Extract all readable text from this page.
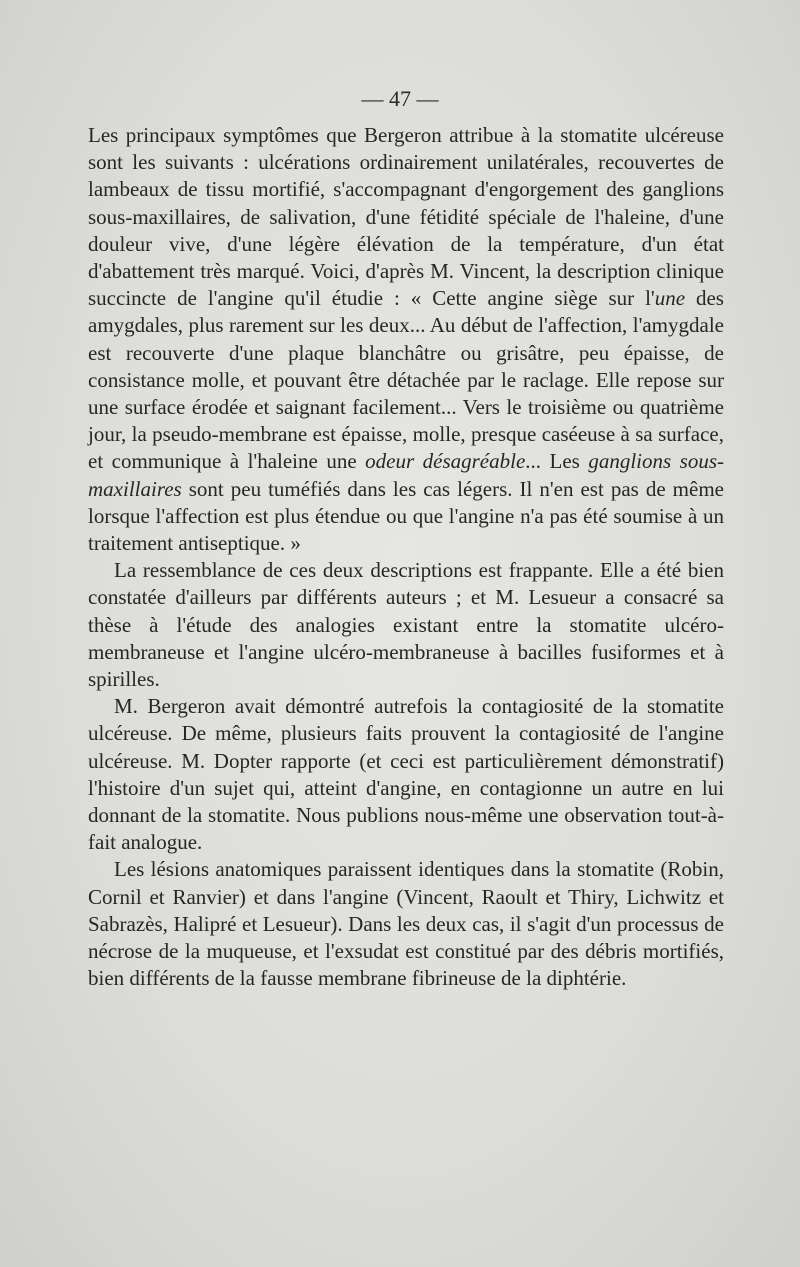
— 47 —

Les principaux symptômes que Bergeron attribue à la stomatite ulcéreuse sont les suivants : ulcérations ordinairement unilatérales, recouvertes de lambeaux de tissu mortifié, s'accompagnant d'engorgement des ganglions sous-maxillaires, de salivation, d'une fétidité spéciale de l'haleine, d'une douleur vive, d'une légère élévation de la température, d'un état d'abattement très marqué. Voici, d'après M. Vincent, la description clinique succincte de l'angine qu'il étudie : « Cette angine siège sur l'une des amygdales, plus rarement sur les deux... Au début de l'affection, l'amygdale est recouverte d'une plaque blanchâtre ou grisâtre, peu épaisse, de consistance molle, et pouvant être détachée par le raclage. Elle repose sur une surface érodée et saignant facilement... Vers le troisième ou quatrième jour, la pseudo-membrane est épaisse, molle, presque caséeuse à sa surface, et communique à l'haleine une odeur désagréable... Les ganglions sous-maxillaires sont peu tuméfiés dans les cas légers. Il n'en est pas de même lorsque l'affection est plus étendue ou que l'angine n'a pas été soumise à un traitement antiseptique. »

La ressemblance de ces deux descriptions est frappante. Elle a été bien constatée d'ailleurs par différents auteurs ; et M. Lesueur a consacré sa thèse à l'étude des analogies existant entre la stomatite ulcéro-membraneuse et l'angine ulcéro-membraneuse à bacilles fusiformes et à spirilles.

M. Bergeron avait démontré autrefois la contagiosité de la stomatite ulcéreuse. De même, plusieurs faits prouvent la contagiosité de l'angine ulcéreuse. M. Dopter rapporte (et ceci est particulièrement démonstratif) l'histoire d'un sujet qui, atteint d'angine, en contagionne un autre en lui donnant de la stomatite. Nous publions nous-même une observation tout-à-fait analogue.

Les lésions anatomiques paraissent identiques dans la stomatite (Robin, Cornil et Ranvier) et dans l'angine (Vincent, Raoult et Thiry, Lichwitz et Sabrazès, Halipré et Lesueur). Dans les deux cas, il s'agit d'un processus de nécrose de la muqueuse, et l'exsudat est constitué par des débris mortifiés, bien différents de la fausse membrane fibrineuse de la diphtérie.
